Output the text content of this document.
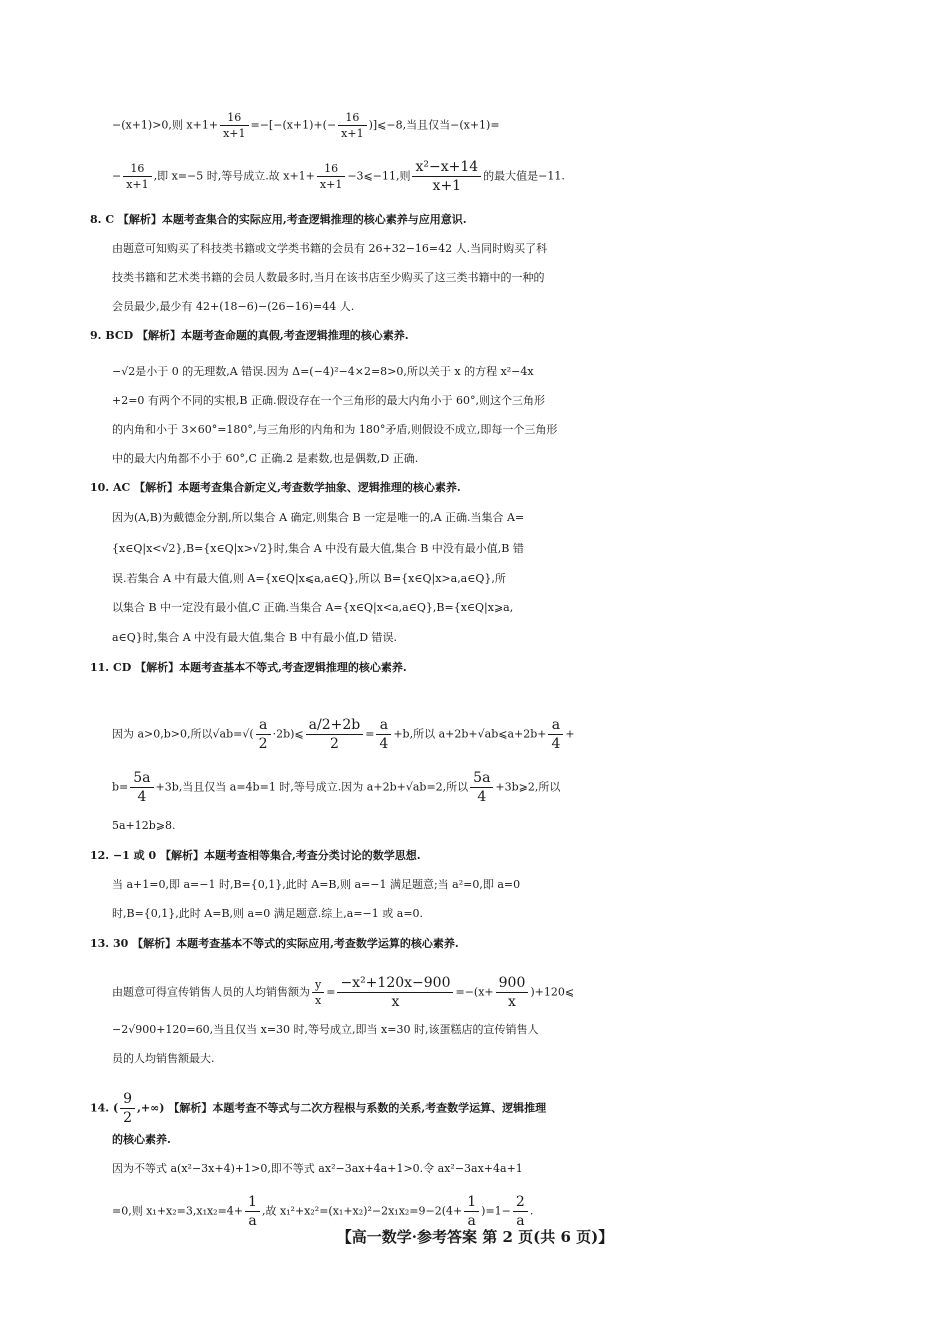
−(x+1)>0,则 $x+1+ \frac{16}{x+1} =-[-(x+1)+(- \frac{16}{x+1}$ )]⩽−8,当且仅当−(x+1)=
− $\frac{16}{x+1}$ ,即 x=−5 时,等号成立.故 $x+1+ \frac{16}{x+1}$ −3⩽−11,则 $\frac{\text{x²−x+14}}{x+1}$ 的最大值是−11.
8. C 【解析】本题考查集合的实际应用,考查逻辑推理的核心素养与应用意识.
由题意可知购买了科技类书籍或文学类书籍的会员有 26+32−16=42 人.当同时购买了科
技类书籍和艺术类书籍的会员人数最多时,当月在该书店至少购买了这三类书籍中的一种的
会员最少,最少有 42+(18−6)−(26−16)=44 人.
9. BCD 【解析】本题考查命题的真假,考查逻辑推理的核心素养.
−√2是小于 0 的无理数,A 错误.因为 Δ=(−4)²−4×2=8>0,所以关于 x 的方程 x²−4x
+2=0 有两个不同的实根,B 正确.假设存在一个三角形的最大内角小于 60°,则这个三角形
的内角和小于 3×60°=180°,与三角形的内角和为 180°矛盾,则假设不成立,即每一个三角形
中的最大内角都不小于 60°,C 正确.2 是素数,也是偶数,D 正确.
10. AC 【解析】本题考查集合新定义,考查数学抽象、逻辑推理的核心素养.
因为(A,B)为戴德金分割,所以集合 A 确定,则集合 B 一定是唯一的,A 正确.当集合 A=
{x∈Q|x<√2},B={x∈Q|x>√2}时,集合 A 中没有最大值,集合 B 中没有最小值,B 错
误.若集合 A 中有最大值,则 A={x∈Q|x⩽a,a∈Q},所以 B={x∈Q|x>a,a∈Q},所
以集合 B 中一定没有最小值,C 正确.当集合 A={x∈Q|x<a,a∈Q},B={x∈Q|x⩾a,
a∈Q}时,集合 A 中没有最大值,集合 B 中有最小值,D 错误.
11. CD 【解析】本题考查基本不等式,考查逻辑推理的核心素养.
因为 a>0,b>0,所以$√ab=√( \frac{a}{2}$ ·2b)⩽ $\frac{a/2+2b}{2} = \frac{a}{4} +b$,所以 a+2b+√ab⩽a+2b+ $\frac{a}{4}$ +
$b= \frac{5a}{4} +3b$,当且仅当 a=4b=1 时,等号成立.因为 a+2b+√ab=2,所以 $\frac{5a}{4}$ +3b⩾2,所以
5a+12b⩾8.
12. −1 或 0 【解析】本题考查相等集合,考查分类讨论的数学思想.
当 a+1=0,即 a=−1 时,B={0,1},此时 A=B,则 a=−1 满足题意;当 a²=0,即 a=0
时,B={0,1},此时 A=B,则 a=0 满足题意.综上,a=−1 或 a=0.
13. 30 【解析】本题考查基本不等式的实际应用,考查数学运算的核心素养.
由题意可得宣传销售人员的人均销售额为 $\frac{y}{x} = \frac{\text{−x²+120x−900}}{x} =-(x+ \frac{900}{x}$ )+120⩽
−2√900+120=60,当且仅当 x=30 时,等号成立,即当 x=30 时,该蛋糕店的宣传销售人
员的人均销售额最大.
14. ( $\frac{9}{2}$ ,+∞) 【解析】本题考查不等式与二次方程根与系数的关系,考查数学运算、逻辑推理
的核心素养.
因为不等式 a(x²−3x+4)+1>0,即不等式 ax²−3ax+4a+1>0.令 ax²−3ax+4a+1
=0,则 $x_1+x_2=3,x_1x_2=4+ \frac{1}{a}$ ,故 $x_1^2+x_2^2=(x_1+x_2)^2-2x_1x_2=9-2(4+ \frac{1}{a} )=1- \frac{2}{a}$ .
【高一数学·参考答案 第 2 页(共 6 页)】
